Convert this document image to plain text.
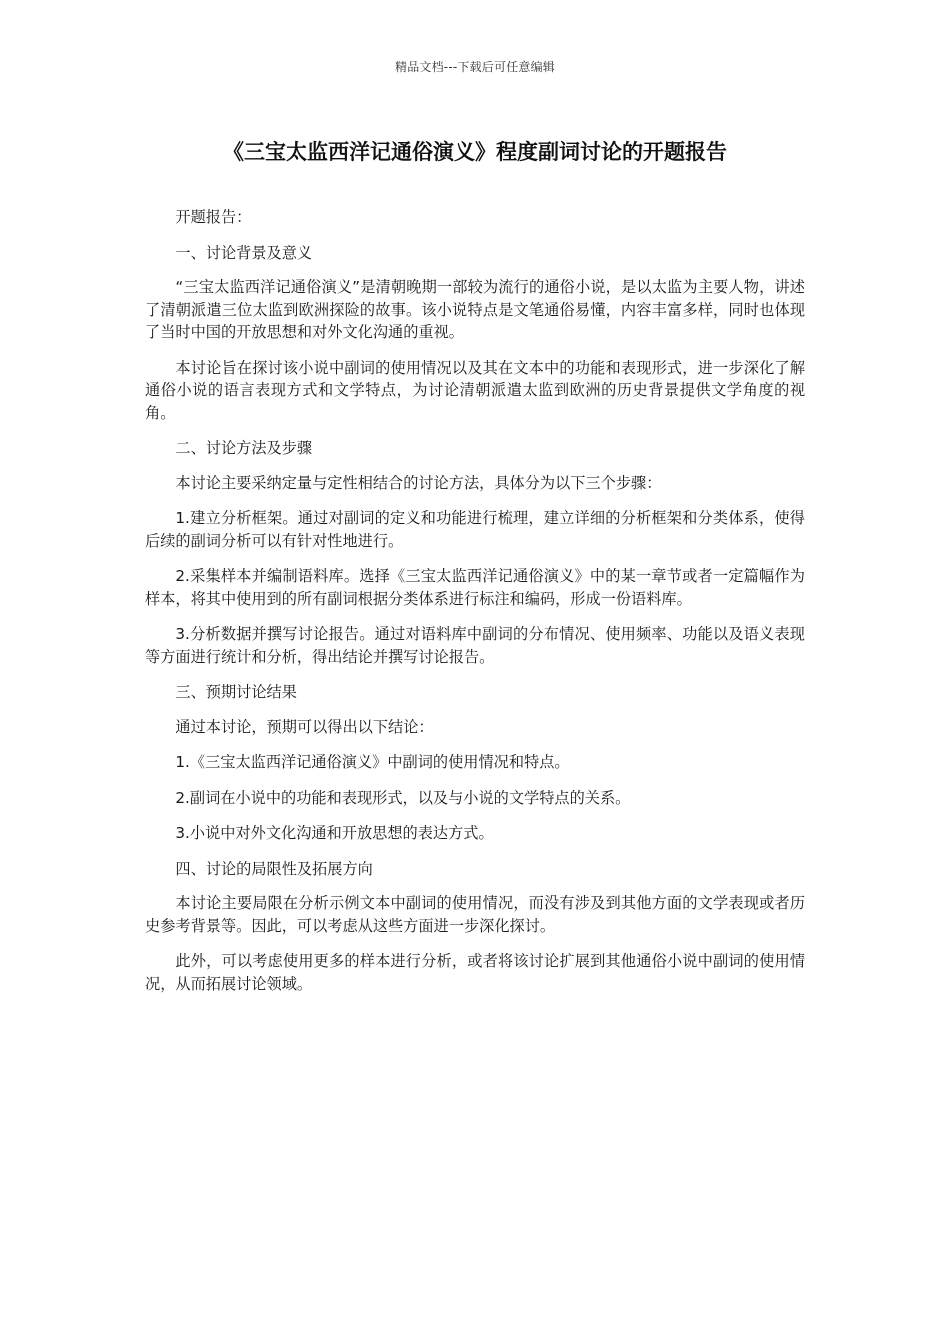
精品文档---下载后可任意编辑
《三宝太监西洋记通俗演义》程度副词讨论的开题报告

开题报告：

一、讨论背景及意义

“三宝太监西洋记通俗演义”是清朝晚期一部较为流行的通俗小说，是以太监为主要人物，讲述了清朝派遣三位太监到欧洲探险的故事。该小说特点是文笔通俗易懂，内容丰富多样，同时也体现了当时中国的开放思想和对外文化沟通的重视。

本讨论旨在探讨该小说中副词的使用情况以及其在文本中的功能和表现形式，进一步深化了解通俗小说的语言表现方式和文学特点，为讨论清朝派遣太监到欧洲的历史背景提供文学角度的视角。

二、讨论方法及步骤

本讨论主要采纳定量与定性相结合的讨论方法，具体分为以下三个步骤：

1.建立分析框架。通过对副词的定义和功能进行梳理，建立详细的分析框架和分类体系，使得后续的副词分析可以有针对性地进行。

2.采集样本并编制语料库。选择《三宝太监西洋记通俗演义》中的某一章节或者一定篇幅作为样本，将其中使用到的所有副词根据分类体系进行标注和编码，形成一份语料库。

3.分析数据并撰写讨论报告。通过对语料库中副词的分布情况、使用频率、功能以及语义表现等方面进行统计和分析，得出结论并撰写讨论报告。

三、预期讨论结果

通过本讨论，预期可以得出以下结论：

1.《三宝太监西洋记通俗演义》中副词的使用情况和特点。

2.副词在小说中的功能和表现形式，以及与小说的文学特点的关系。

3.小说中对外文化沟通和开放思想的表达方式。

四、讨论的局限性及拓展方向

本讨论主要局限在分析示例文本中副词的使用情况，而没有涉及到其他方面的文学表现或者历史参考背景等。因此，可以考虑从这些方面进一步深化探讨。

此外，可以考虑使用更多的样本进行分析，或者将该讨论扩展到其他通俗小说中副词的使用情况，从而拓展讨论领域。
